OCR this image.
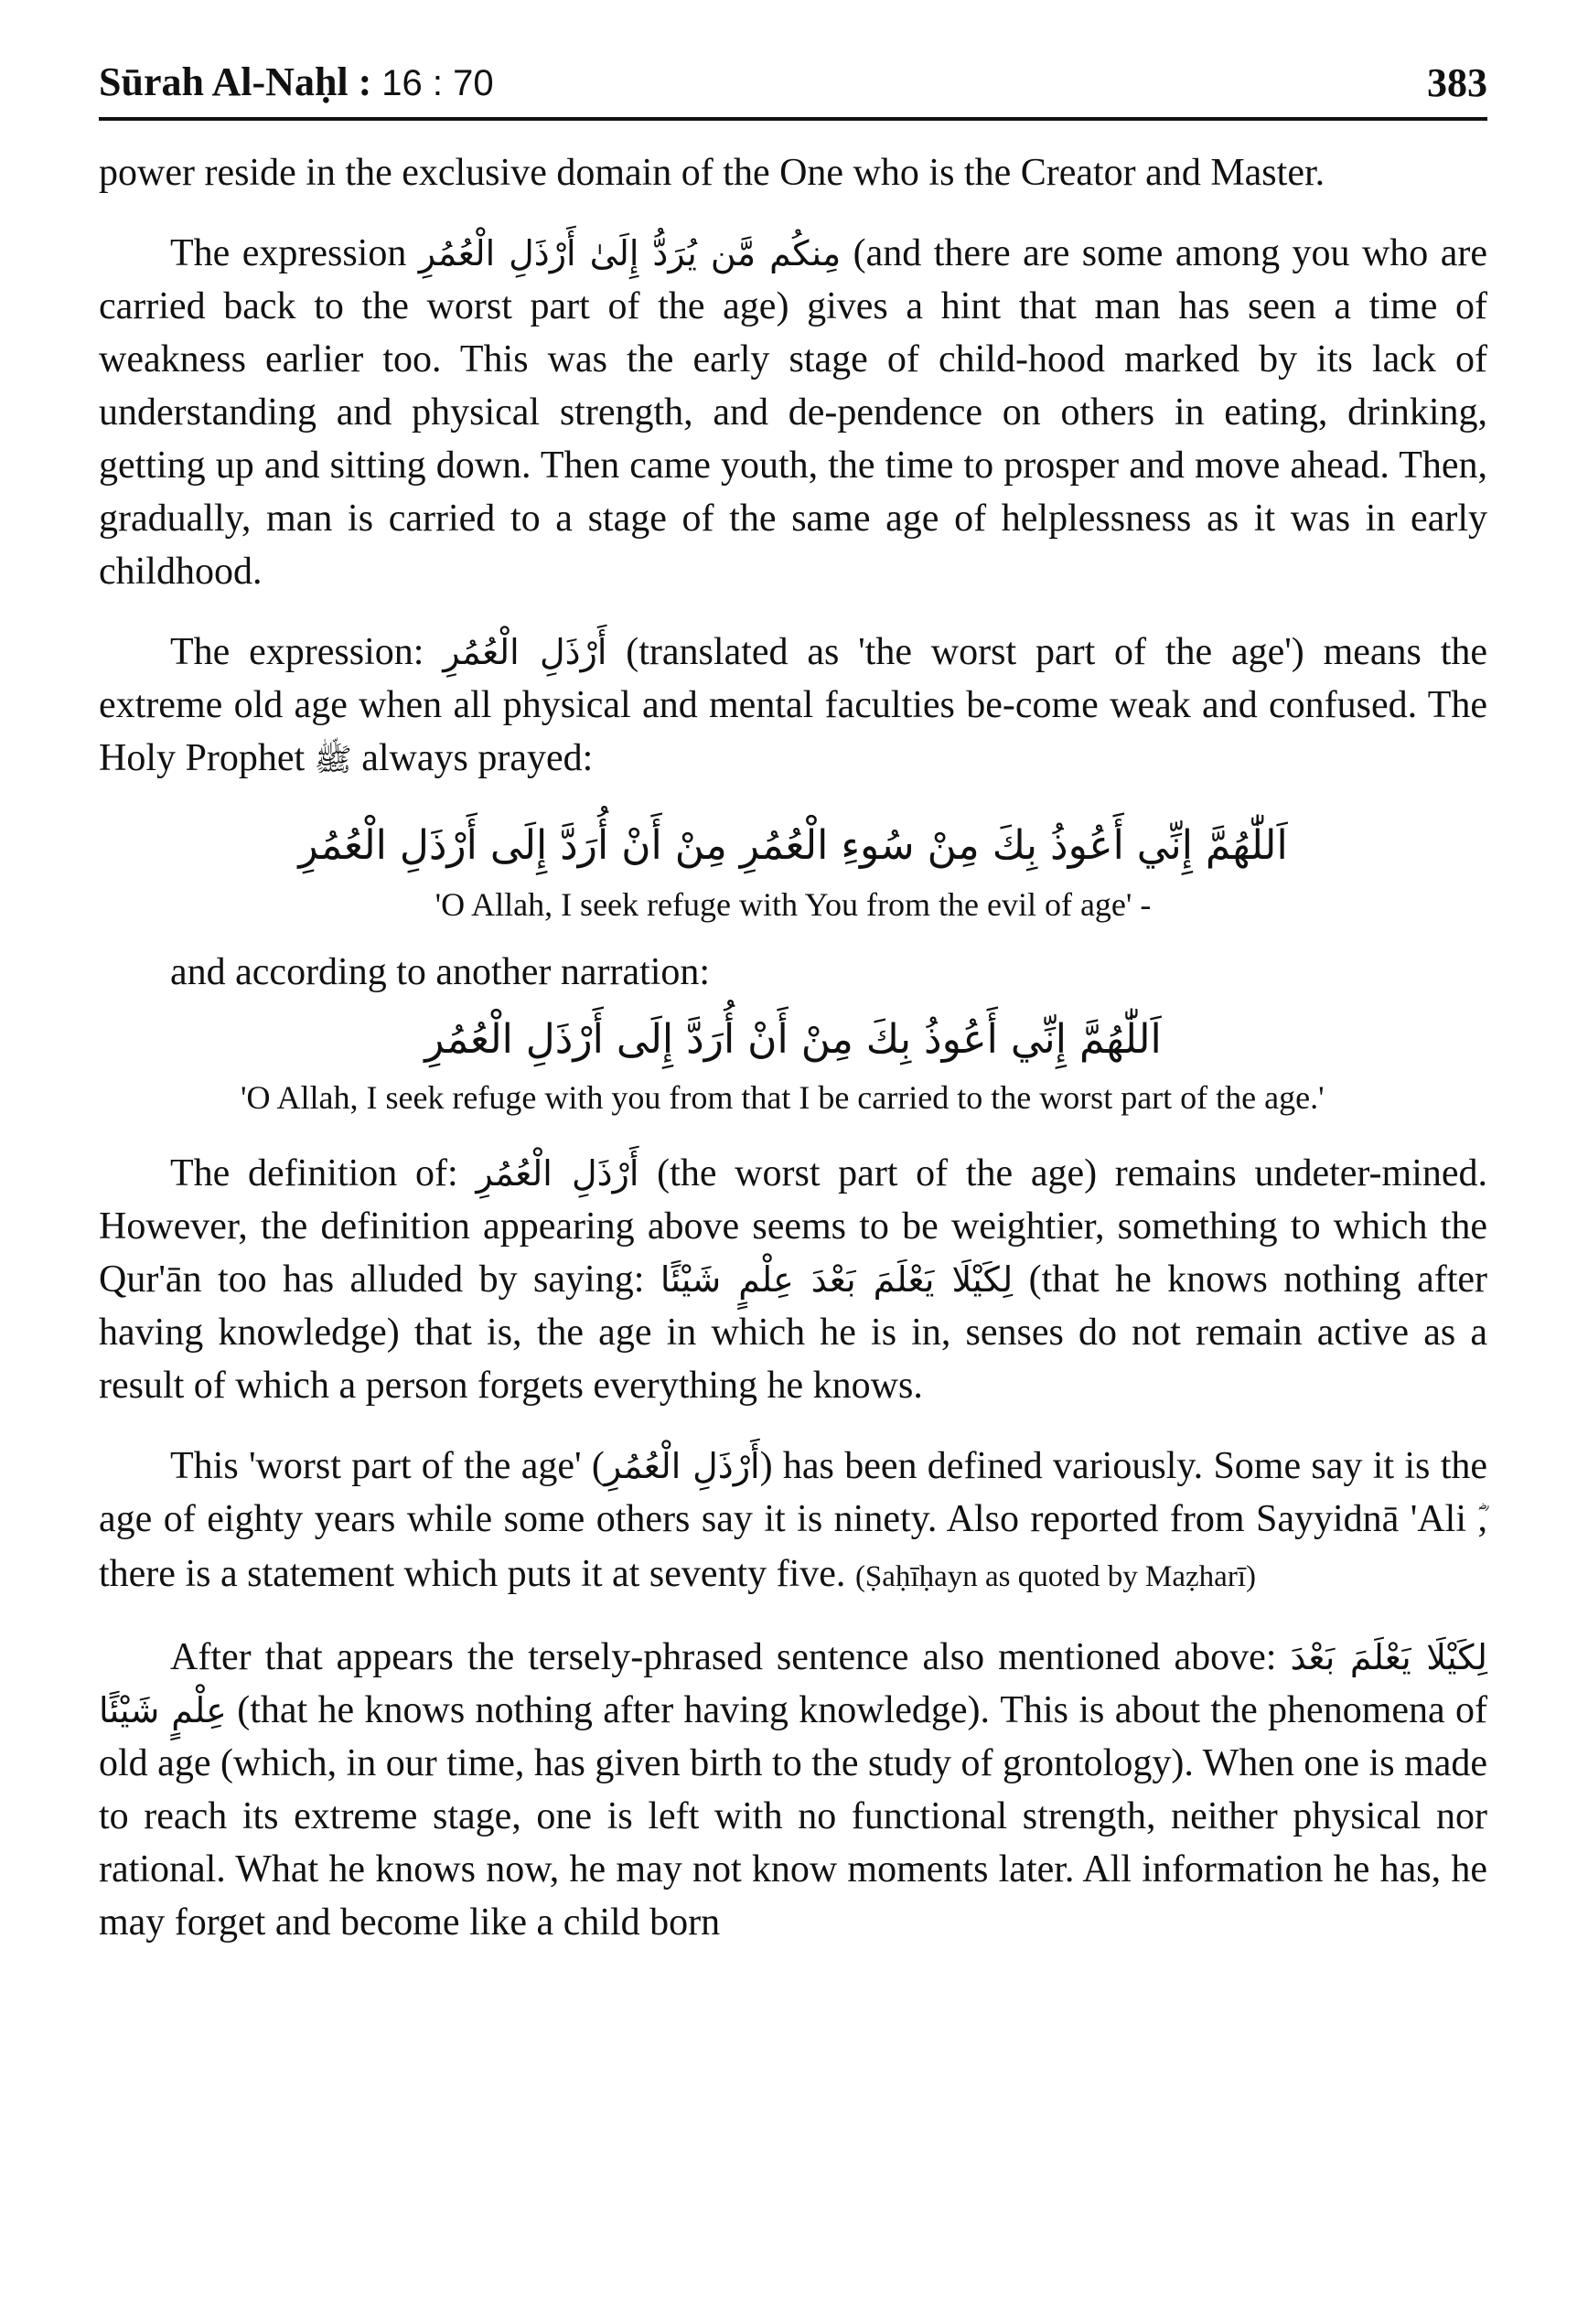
Sūrah Al-Naḥl : 16 : 70	383

power reside in the exclusive domain of the One who is the Creator and Master.

The expression مِنكُم مَّن يُرَدُّ إِلَىٰ أَرْذَلِ الْعُمُرِ (and there are some among you who are carried back to the worst part of the age) gives a hint that man has seen a time of weakness earlier too. This was the early stage of child-hood marked by its lack of understanding and physical strength, and de-pendence on others in eating, drinking, getting up and sitting down. Then came youth, the time to prosper and move ahead. Then, gradually, man is carried to a stage of the same age of helplessness as it was in early childhood.

The expression: أَرْذَلِ الْعُمُرِ (translated as 'the worst part of the age') means the extreme old age when all physical and mental faculties be-come weak and confused. The Holy Prophet ﷺ always prayed:

اَللّٰهُمَّ إِنِّي أَعُوذُ بِكَ مِنْ سُوءِ الْعُمُرِ مِنْ أَنْ أُرَدَّ إِلَى أَرْذَلِ الْعُمُرِ
'O Allah, I seek refuge with You from the evil of age' -
and according to another narration:
اَللّٰهُمَّ إِنِّي أَعُوذُ بِكَ مِنْ أَنْ أُرَدَّ إِلَى أَرْذَلِ الْعُمُرِ
'O Allah, I seek refuge with you from that I be carried to the worst part of the age.'

The definition of: أَرْذَلِ الْعُمُرِ (the worst part of the age) remains undeter-mined. However, the definition appearing above seems to be weightier, something to which the Qur'ān too has alluded by saying: لِكَيْلَا يَعْلَمَ بَعْدَ عِلْمٍ شَيْئًا (that he knows nothing after having knowledge) that is, the age in which he is in, senses do not remain active as a result of which a person forgets everything he knows.

This 'worst part of the age' (أَرْذَلِ الْعُمُرِ) has been defined variously. Some say it is the age of eighty years while some others say it is ninety. Also reported from Sayyidnā 'Ali , there is a statement which puts it at seventy five. (Ṣaḥīḥayn as quoted by Maẓharī)

After that appears the tersely-phrased sentence also mentioned above: لِكَيْلَا يَعْلَمَ بَعْدَ عِلْمٍ شَيْئًا (that he knows nothing after having knowledge). This is about the phenomena of old age (which, in our time, has given birth to the study of grontology). When one is made to reach its extreme stage, one is left with no functional strength, neither physical nor rational. What he knows now, he may not know moments later. All information he has, he may forget and become like a child born
